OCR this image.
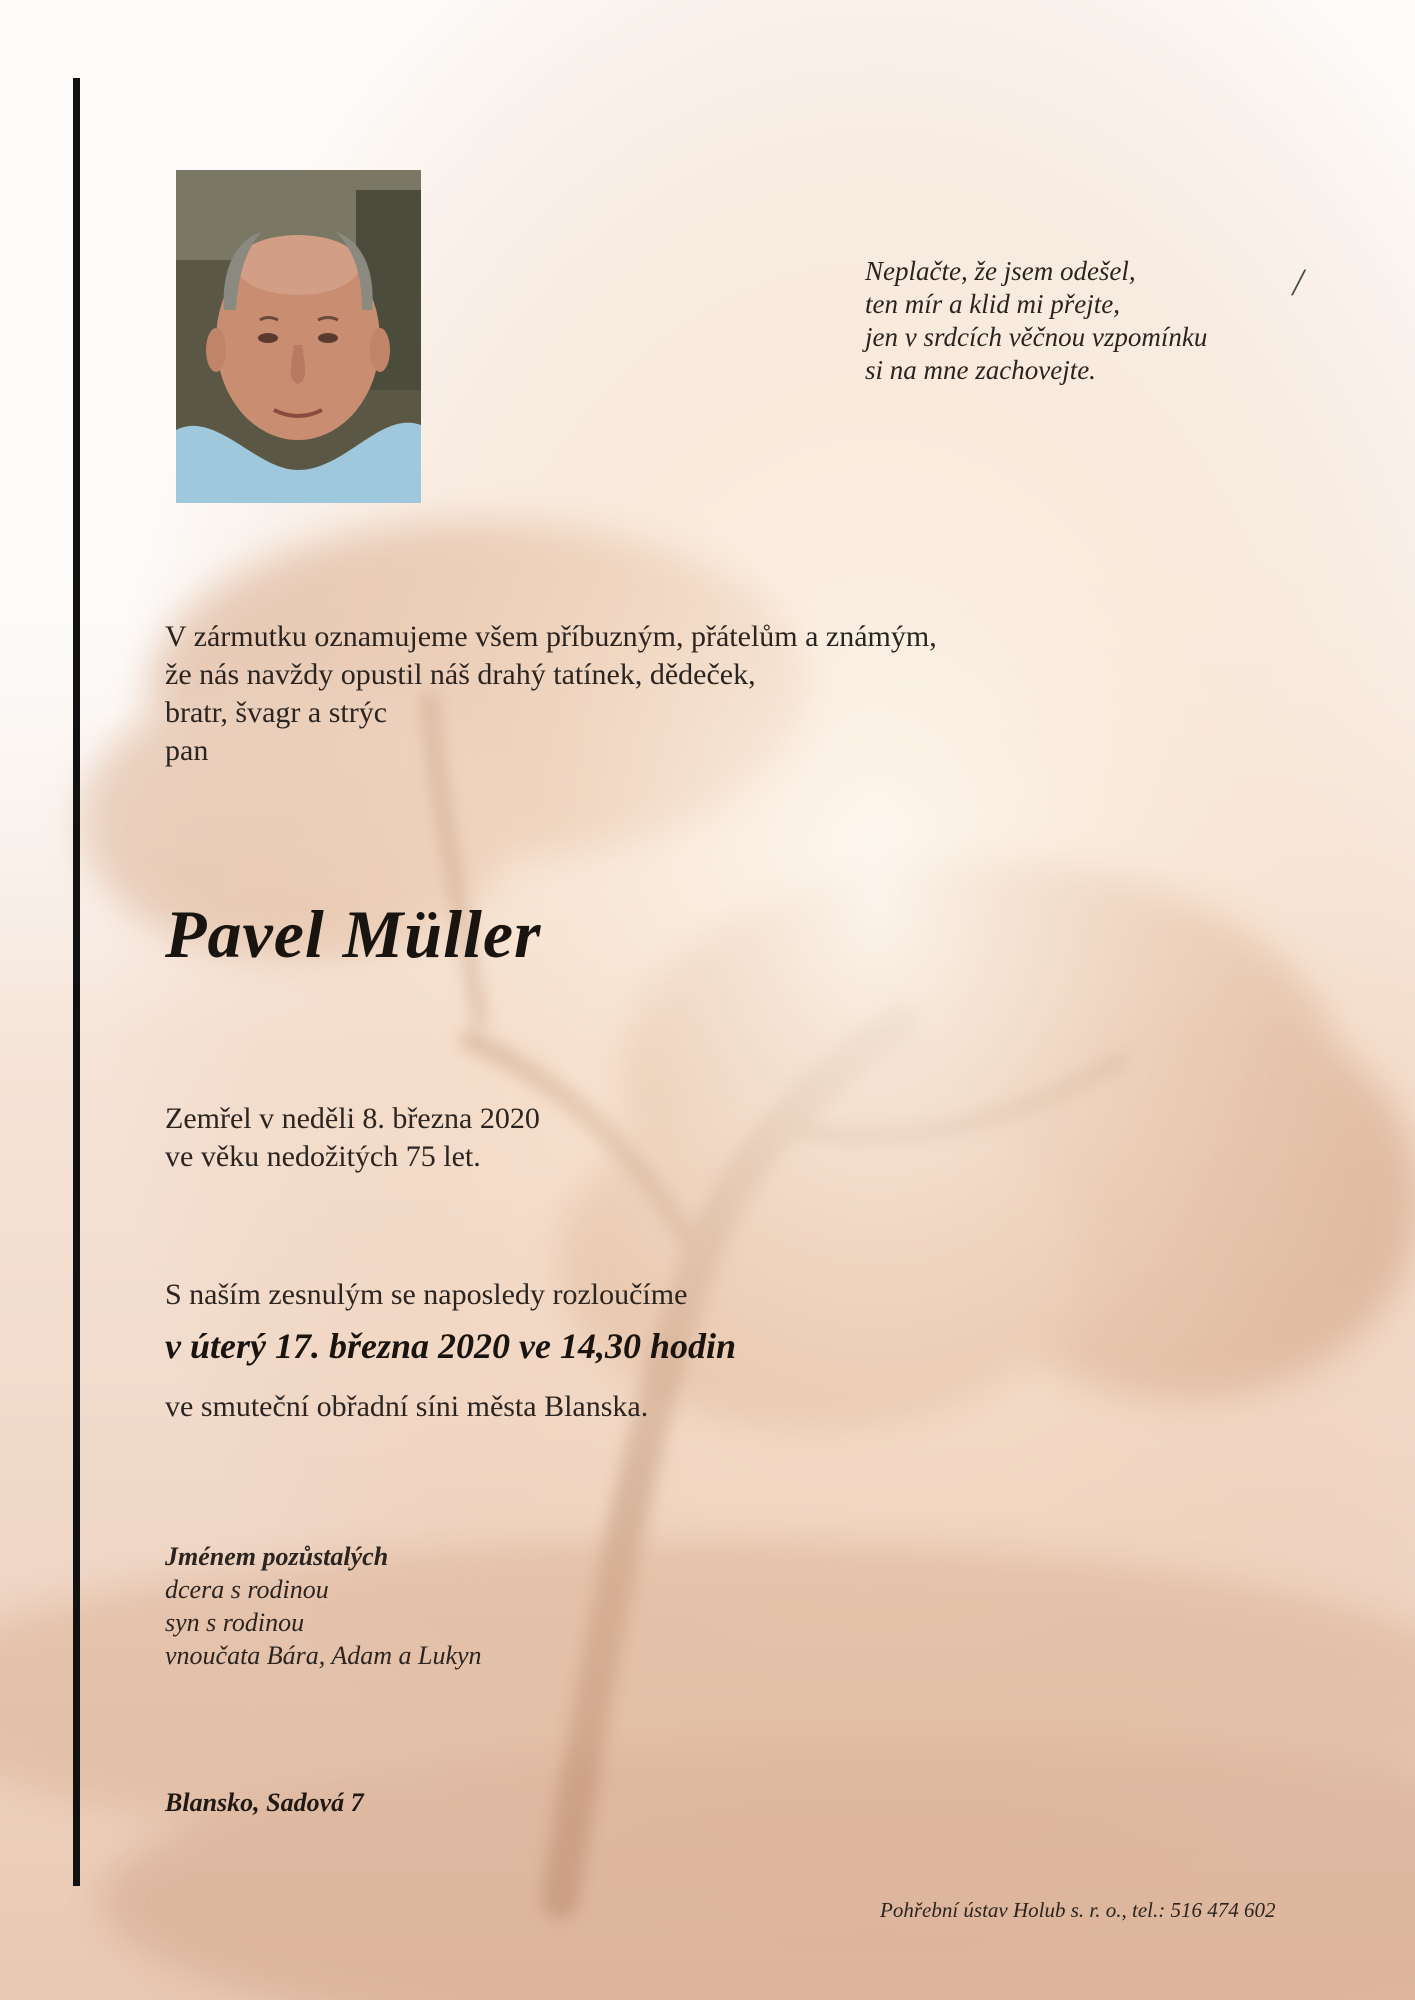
Neplačte, že jsem odešel,
ten mír a klid mi přejte,
jen v srdcích věčnou vzpomínku
si na mne zachovejte.
╱
V zármutku oznamujeme všem příbuzným, přátelům a známým,
že nás navždy opustil náš drahý tatínek, dědeček,
bratr, švagr a strýc
pan
Pavel Müller
Zemřel v neděli 8. března 2020
ve věku nedožitých 75 let.
S naším zesnulým se naposledy rozloučíme
v úterý 17. března 2020 ve 14,30 hodin
ve smuteční obřadní síni města Blanska.
Jménem pozůstalých
dcera s rodinou
syn s rodinou
vnoučata Bára, Adam a Lukyn
Blansko, Sadová 7
Pohřební ústav Holub s. r. o., tel.: 516 474 602
